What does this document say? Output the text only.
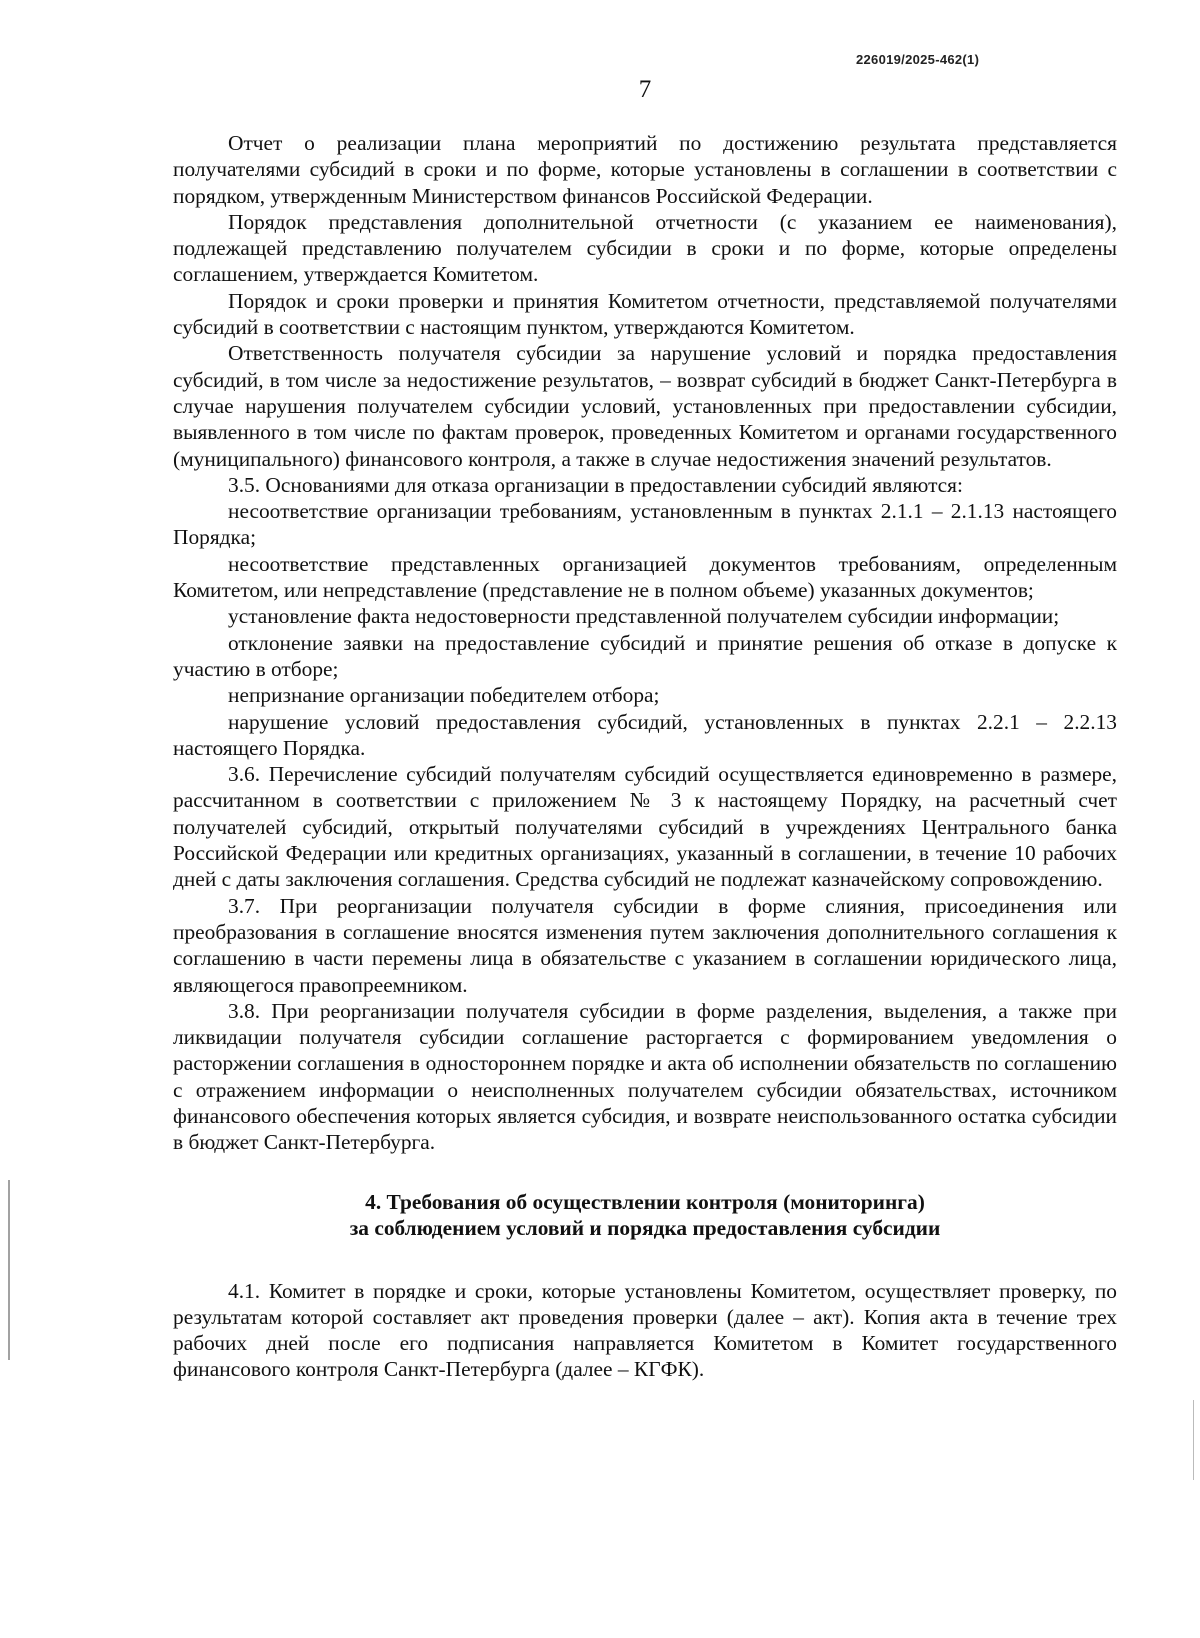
226019/2025-462(1)
7

Отчет о реализации плана мероприятий по достижению результата представляется получателями субсидий в сроки и по форме, которые установлены в соглашении в соответствии с порядком, утвержденным Министерством финансов Российской Федерации.

Порядок представления дополнительной отчетности (с указанием ее наименования), подлежащей представлению получателем субсидии в сроки и по форме, которые определены соглашением, утверждается Комитетом.

Порядок и сроки проверки и принятия Комитетом отчетности, представляемой получателями субсидий в соответствии с настоящим пунктом, утверждаются Комитетом.

Ответственность получателя субсидии за нарушение условий и порядка предоставления субсидий, в том числе за недостижение результатов, – возврат субсидий в бюджет Санкт-Петербурга в случае нарушения получателем субсидии условий, установленных при предоставлении субсидии, выявленного в том числе по фактам проверок, проведенных Комитетом и органами государственного (муниципального) финансового контроля, а также в случае недостижения значений результатов.

3.5. Основаниями для отказа организации в предоставлении субсидий являются:

несоответствие организации требованиям, установленным в пунктах 2.1.1 – 2.1.13 настоящего Порядка;

несоответствие представленных организацией документов требованиям, определенным Комитетом, или непредставление (представление не в полном объеме) указанных документов;

установление факта недостоверности представленной получателем субсидии информации;

отклонение заявки на предоставление субсидий и принятие решения об отказе в допуске к участию в отборе;

непризнание организации победителем отбора;

нарушение условий предоставления субсидий, установленных в пунктах 2.2.1 – 2.2.13 настоящего Порядка.

3.6. Перечисление субсидий получателям субсидий осуществляется единовременно в размере, рассчитанном в соответствии с приложением № 3 к настоящему Порядку, на расчетный счет получателей субсидий, открытый получателями субсидий в учреждениях Центрального банка Российской Федерации или кредитных организациях, указанный в соглашении, в течение 10 рабочих дней с даты заключения соглашения. Средства субсидий не подлежат казначейскому сопровождению.

3.7. При реорганизации получателя субсидии в форме слияния, присоединения или преобразования в соглашение вносятся изменения путем заключения дополнительного соглашения к соглашению в части перемены лица в обязательстве с указанием в соглашении юридического лица, являющегося правопреемником.

3.8. При реорганизации получателя субсидии в форме разделения, выделения, а также при ликвидации получателя субсидии соглашение расторгается с формированием уведомления о расторжении соглашения в одностороннем порядке и акта об исполнении обязательств по соглашению с отражением информации о неисполненных получателем субсидии обязательствах, источником финансового обеспечения которых является субсидия, и возврате неиспользованного остатка субсидии в бюджет Санкт-Петербурга.

4. Требования об осуществлении контроля (мониторинга)
за соблюдением условий и порядка предоставления субсидии

4.1. Комитет в порядке и сроки, которые установлены Комитетом, осуществляет проверку, по результатам которой составляет акт проведения проверки (далее – акт). Копия акта в течение трех рабочих дней после его подписания направляется Комитетом в Комитет государственного финансового контроля Санкт-Петербурга (далее – КГФК).
